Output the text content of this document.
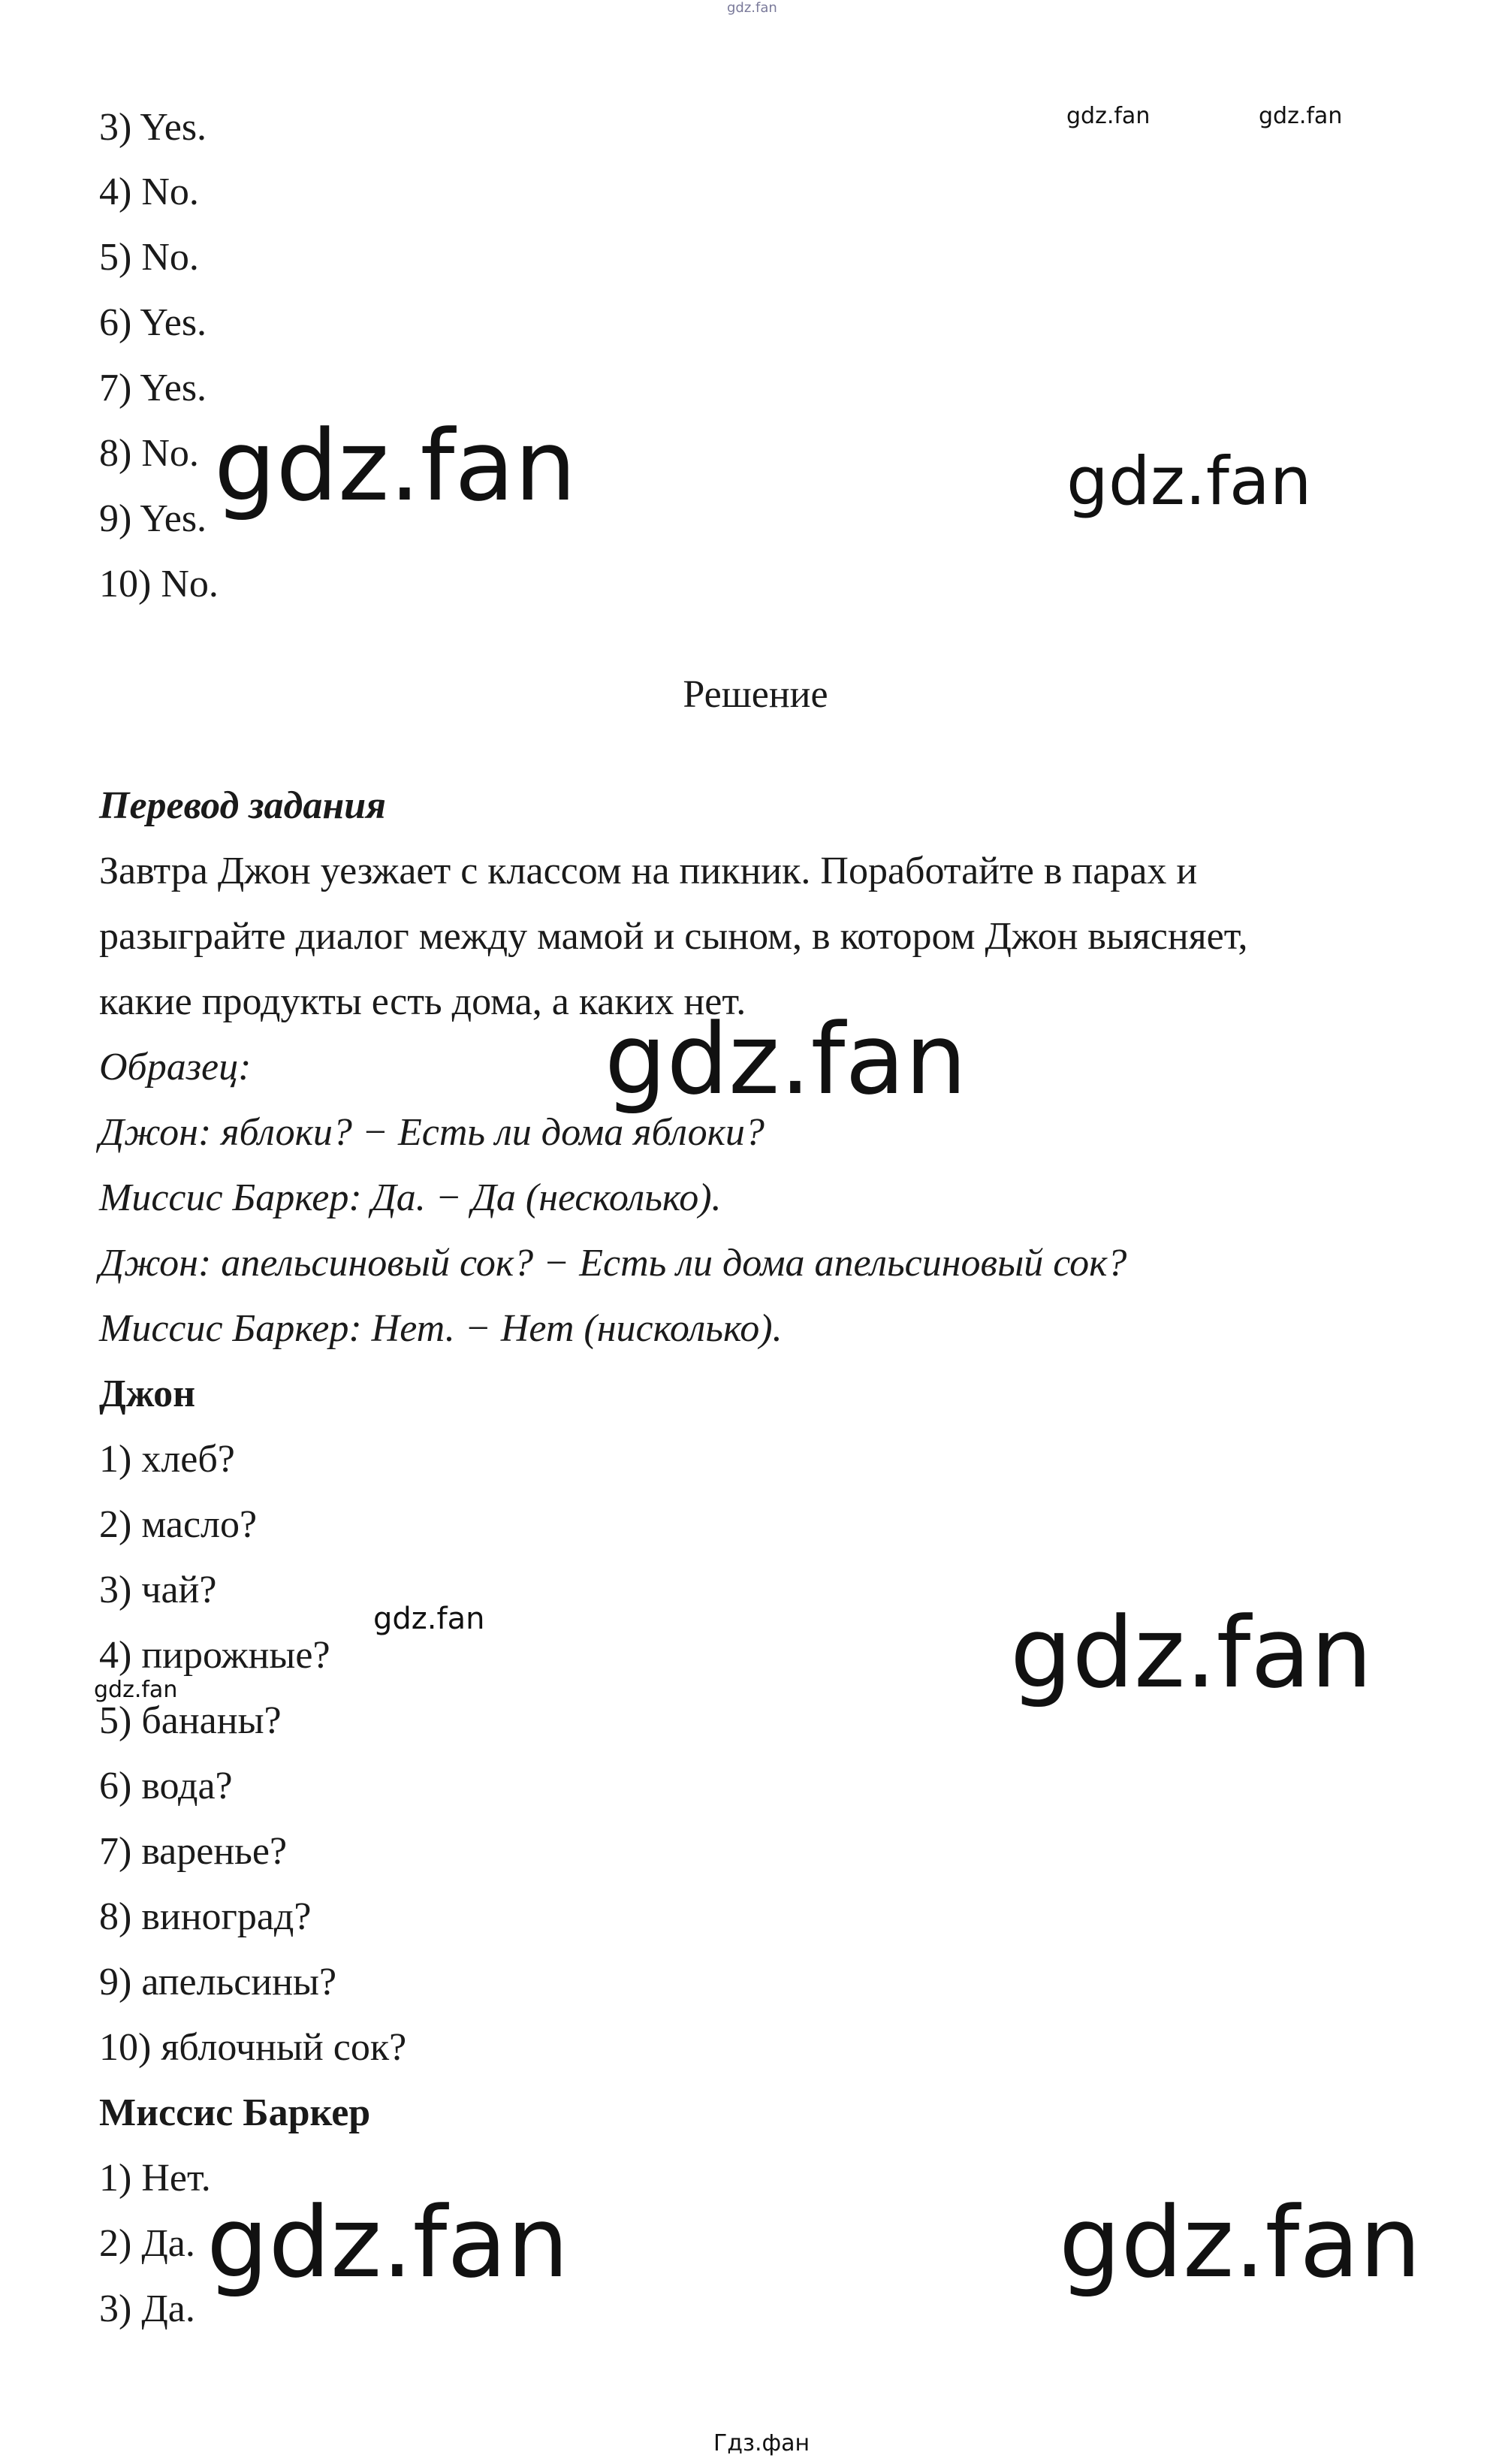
3) Yes.

4) No.

5) No.

6) Yes.

7) Yes.

8) No.

9) Yes.

10) No.

Решение

Перевод задания

Завтра Джон уезжает с классом на пикник. Поработайте в парах и

разыграйте диалог между мамой и сыном, в котором Джон выясняет,

какие продукты есть дома, а каких нет.

Образец:

Джон: яблоки? − Есть ли дома яблоки?

Миссис Баркер: Да. − Да (несколько).

Джон: апельсиновый сок? − Есть ли дома апельсиновый сок?

Миссис Баркер: Нет. − Нет (нисколько).

Джон

1) хлеб?

2) масло?

3) чай?

4) пирожные?

5) бананы?

6) вода?

7) варенье?

8) виноград?

9) апельсины?

10) яблочный сок?

Миссис Баркер

1) Нет.

2) Да.

3) Да.

gdz.fan

gdz.fan	gdz.fan

gdz.fan	gdz.fan

gdz.fan

gdz.fan

gdz.fan	gdz.fan

gdz.fan	gdz.fan

Гдз.фан
